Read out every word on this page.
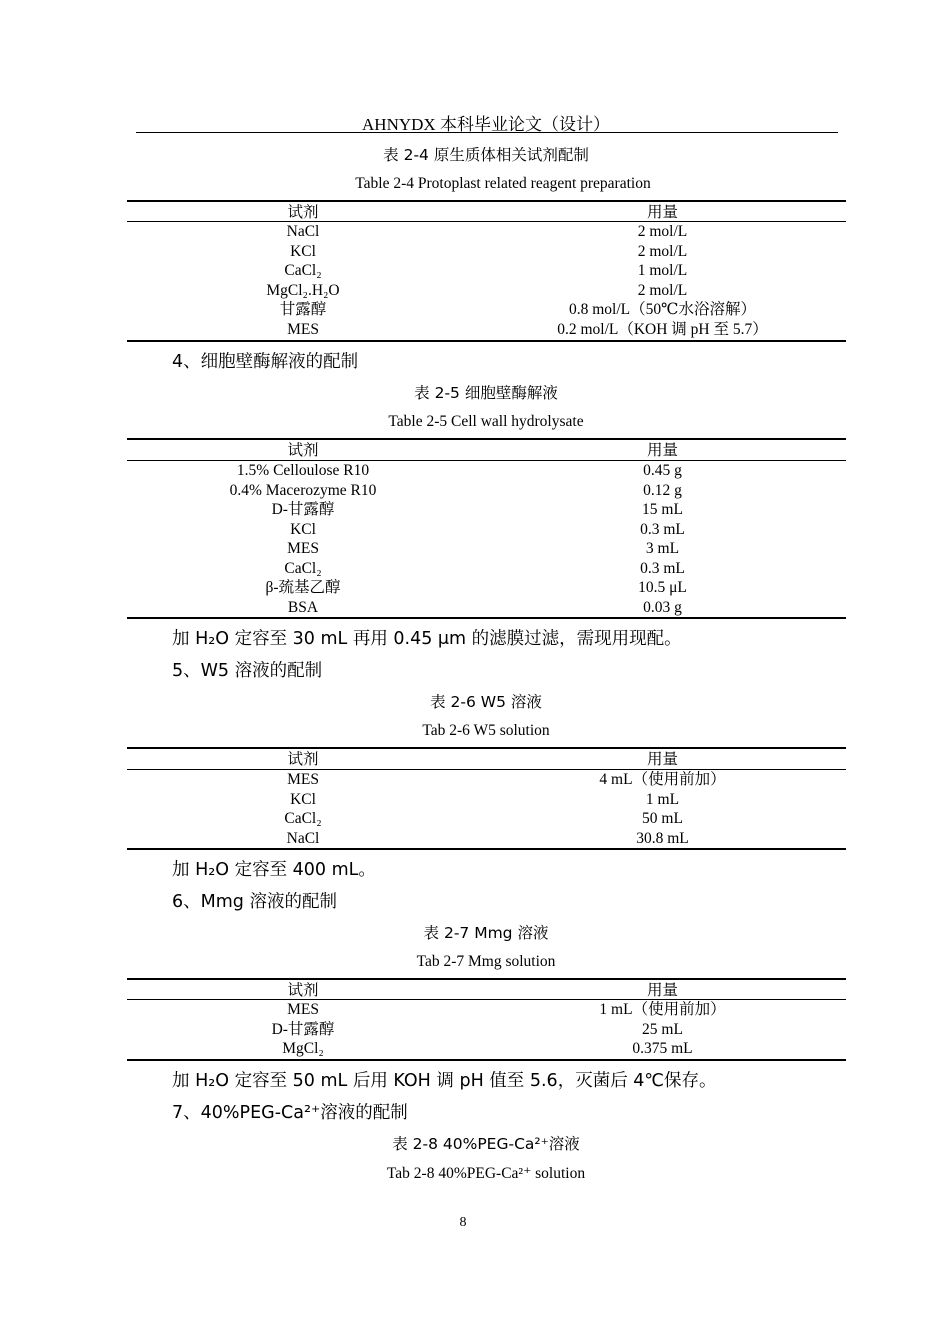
AHNYDX 本科毕业论文（设计）
表 2-4 原生质体相关试剂配制
Table 2-4 Protoplast related reagent preparation
试剂	用量
NaCl	2 mol/L
KCl	2 mol/L
CaCl₂	1 mol/L
MgCl₂.H₂O	2 mol/L
甘露醇	0.8 mol/L（50℃水浴溶解）
MES	0.2 mol/L（KOH 调 pH 至 5.7）
4、细胞壁酶解液的配制
表 2-5 细胞壁酶解液
Table 2-5 Cell wall hydrolysate
试剂	用量
1.5% Celloulose R10	0.45 g
0.4% Macerozyme R10	0.12 g
D-甘露醇	15 mL
KCl	0.3 mL
MES	3 mL
CaCl₂	0.3 mL
β-巯基乙醇	10.5 μL
BSA	0.03 g
加 H₂O 定容至 30 mL 再用 0.45 μm 的滤膜过滤，需现用现配。
5、W5 溶液的配制
表 2-6 W5 溶液
Tab 2-6 W5 solution
试剂	用量
MES	4 mL（使用前加）
KCl	1 mL
CaCl₂	50 mL
NaCl	30.8 mL
加 H₂O 定容至 400 mL。
6、Mmg 溶液的配制
表 2-7 Mmg 溶液
Tab 2-7 Mmg solution
试剂	用量
MES	1 mL（使用前加）
D-甘露醇	25 mL
MgCl₂	0.375 mL
加 H₂O 定容至 50 mL 后用 KOH 调 pH 值至 5.6，灭菌后 4℃保存。
7、40%PEG-Ca²⁺溶液的配制
表 2-8 40%PEG-Ca²⁺溶液
Tab 2-8 40%PEG-Ca²⁺ solution
8
